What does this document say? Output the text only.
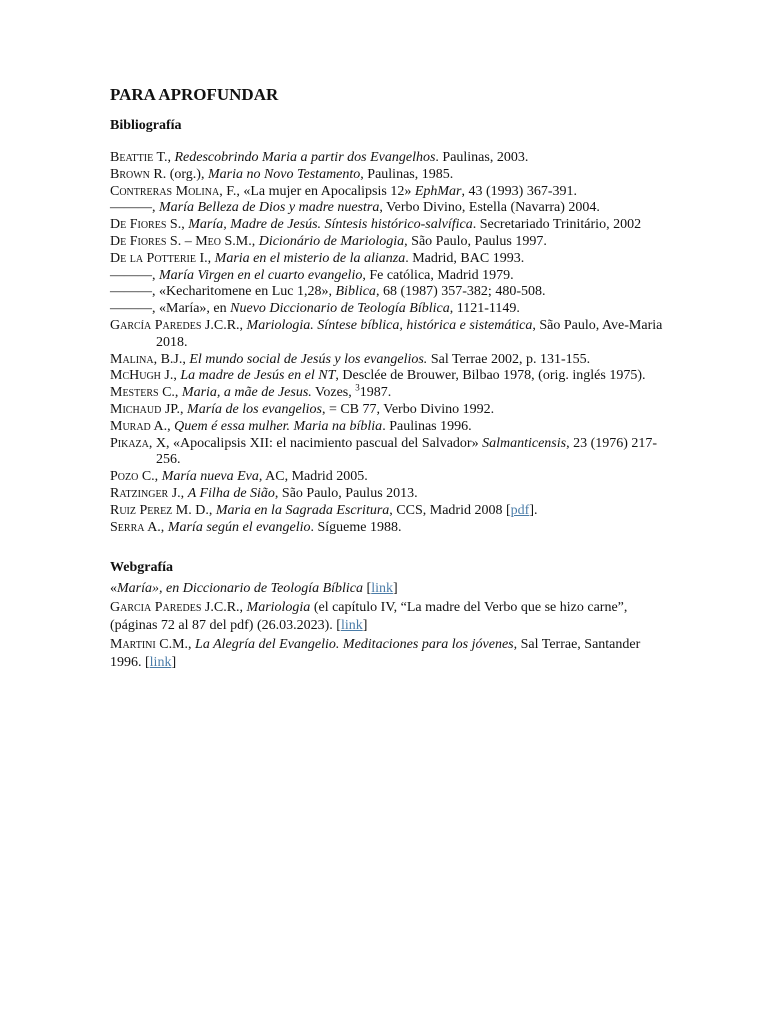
PARA APROFUNDAR
Bibliografía

Beattie T., Redescobrindo Maria a partir dos Evangelhos. Paulinas, 2003.

Brown R. (org.), Maria no Novo Testamento, Paulinas, 1985.

Contreras Molina, F., «La mujer en Apocalipsis 12» EphMar, 43 (1993) 367-391.

———, María Belleza de Dios y madre nuestra, Verbo Divino, Estella (Navarra) 2004.

De Fiores S., María, Madre de Jesús. Síntesis histórico-salvífica. Secretariado Trinitário, 2002

De Fiores S. – Meo S.M., Dicionário de Mariologia, São Paulo, Paulus 1997.

De la Potterie I., Maria en el misterio de la alianza. Madrid, BAC 1993.

———, María Virgen en el cuarto evangelio, Fe católica, Madrid 1979.

———, «Kecharitomene en Luc 1,28», Biblica, 68 (1987) 357-382; 480-508.

———, «María», en Nuevo Diccionario de Teología Bíblica, 1121-1149.

García Paredes J.C.R., Mariologia. Síntese bíblica, histórica e sistemática, São Paulo, Ave-Maria 2018.

Malina, B.J., El mundo social de Jesús y los evangelios. Sal Terrae 2002, p. 131-155.

McHugh J., La madre de Jesús en el NT, Desclée de Brouwer, Bilbao 1978, (orig. inglés 1975).

Mesters C., Maria, a mãe de Jesus. Vozes, $^3$1987.

Michaud JP., María de los evangelios, = CB 77, Verbo Divino 1992.

Murad A., Quem é essa mulher. Maria na bíblia. Paulinas 1996.

Pikaza, X, «Apocalipsis XII: el nacimiento pascual del Salvador» Salmanticensis, 23 (1976) 217-256.

Pozo C., María nueva Eva, AC, Madrid 2005.

Ratzinger J., A Filha de Sião, São Paulo, Paulus 2013.

Ruiz Perez M. D., Maria en la Sagrada Escritura, CCS, Madrid 2008 [pdf].

Serra A., María según el evangelio. Sígueme 1988.

Webgrafía

«María», en Diccionario de Teología Bíblica [link]

Garcia Paredes J.C.R., Mariologia (el capítulo IV, “La madre del Verbo que se hizo carne”, (páginas 72 al 87 del pdf) (26.03.2023). [link]

Martini C.M., La Alegría del Evangelio. Meditaciones para los jóvenes, Sal Terrae, Santander 1996. [link]
